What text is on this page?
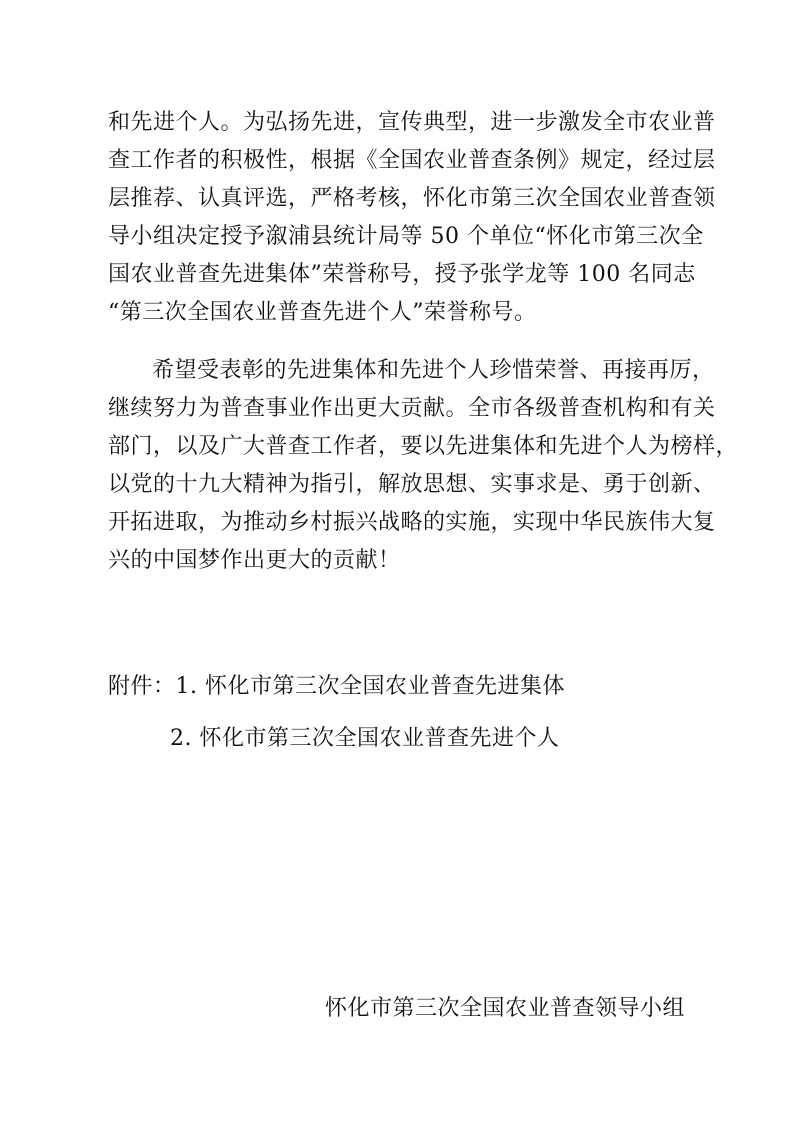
和先进个人。为弘扬先进，宣传典型，进一步激发全市农业普
查工作者的积极性，根据《全国农业普查条例》规定，经过层
层推荐、认真评选，严格考核，怀化市第三次全国农业普查领
导小组决定授予溆浦县统计局等 50 个单位“怀化市第三次全
国农业普查先进集体”荣誉称号，授予张学龙等 100 名同志
“第三次全国农业普查先进个人”荣誉称号。
希望受表彰的先进集体和先进个人珍惜荣誉、再接再厉，
继续努力为普查事业作出更大贡献。全市各级普查机构和有关
部门，以及广大普查工作者，要以先进集体和先进个人为榜样，
以党的十九大精神为指引，解放思想、实事求是、勇于创新、
开拓进取，为推动乡村振兴战略的实施，实现中华民族伟大复
兴的中国梦作出更大的贡献！
附件：1. 怀化市第三次全国农业普查先进集体
2. 怀化市第三次全国农业普查先进个人
怀化市第三次全国农业普查领导小组
